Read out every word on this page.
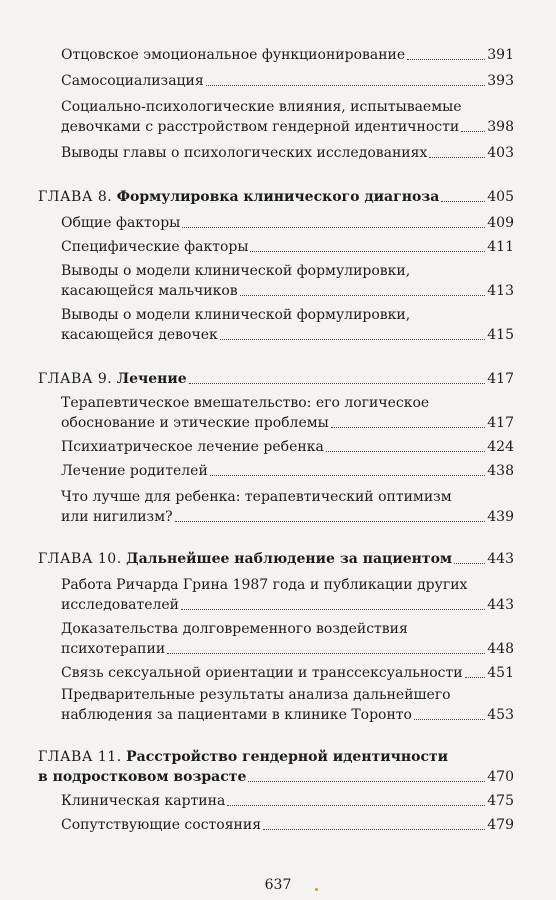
Отцовское эмоциональное функционирование	391
Самосоциализация	393
Социально-психологические влияния, испытываемые
девочками с расстройством гендерной идентичности 398
Выводы главы о психологических исследованиях	403
ГЛАВА 8. Формулировка клинического диагноза	405
Общие факторы	409
Специфические факторы	411
Выводы о модели клинической формулировки,
касающейся мальчиков	413
Выводы о модели клинической формулировки,
касающейся девочек	415
ГЛАВА 9. Лечение	417
Терапевтическое вмешательство: его логическое
обоснование и этические проблемы	417
Психиатрическое лечение ребенка	424
Лечение родителей	438
Что лучше для ребенка: терапевтический оптимизм
или нигилизм?	439
ГЛАВА 10. Дальнейшее наблюдение за пациентом	443
Работа Ричарда Грина 1987 года и публикации других
исследователей	443
Доказательства долговременного воздействия
психотерапии	448
Связь сексуальной ориентации и транссексуальности 451
Предварительные результаты анализа дальнейшего
наблюдения за пациентами в клинике Торонто	453
ГЛАВА 11. Расстройство гендерной идентичности
в подростковом возрасте	470
Клиническая картина	475
Сопутствующие состояния	479
637
